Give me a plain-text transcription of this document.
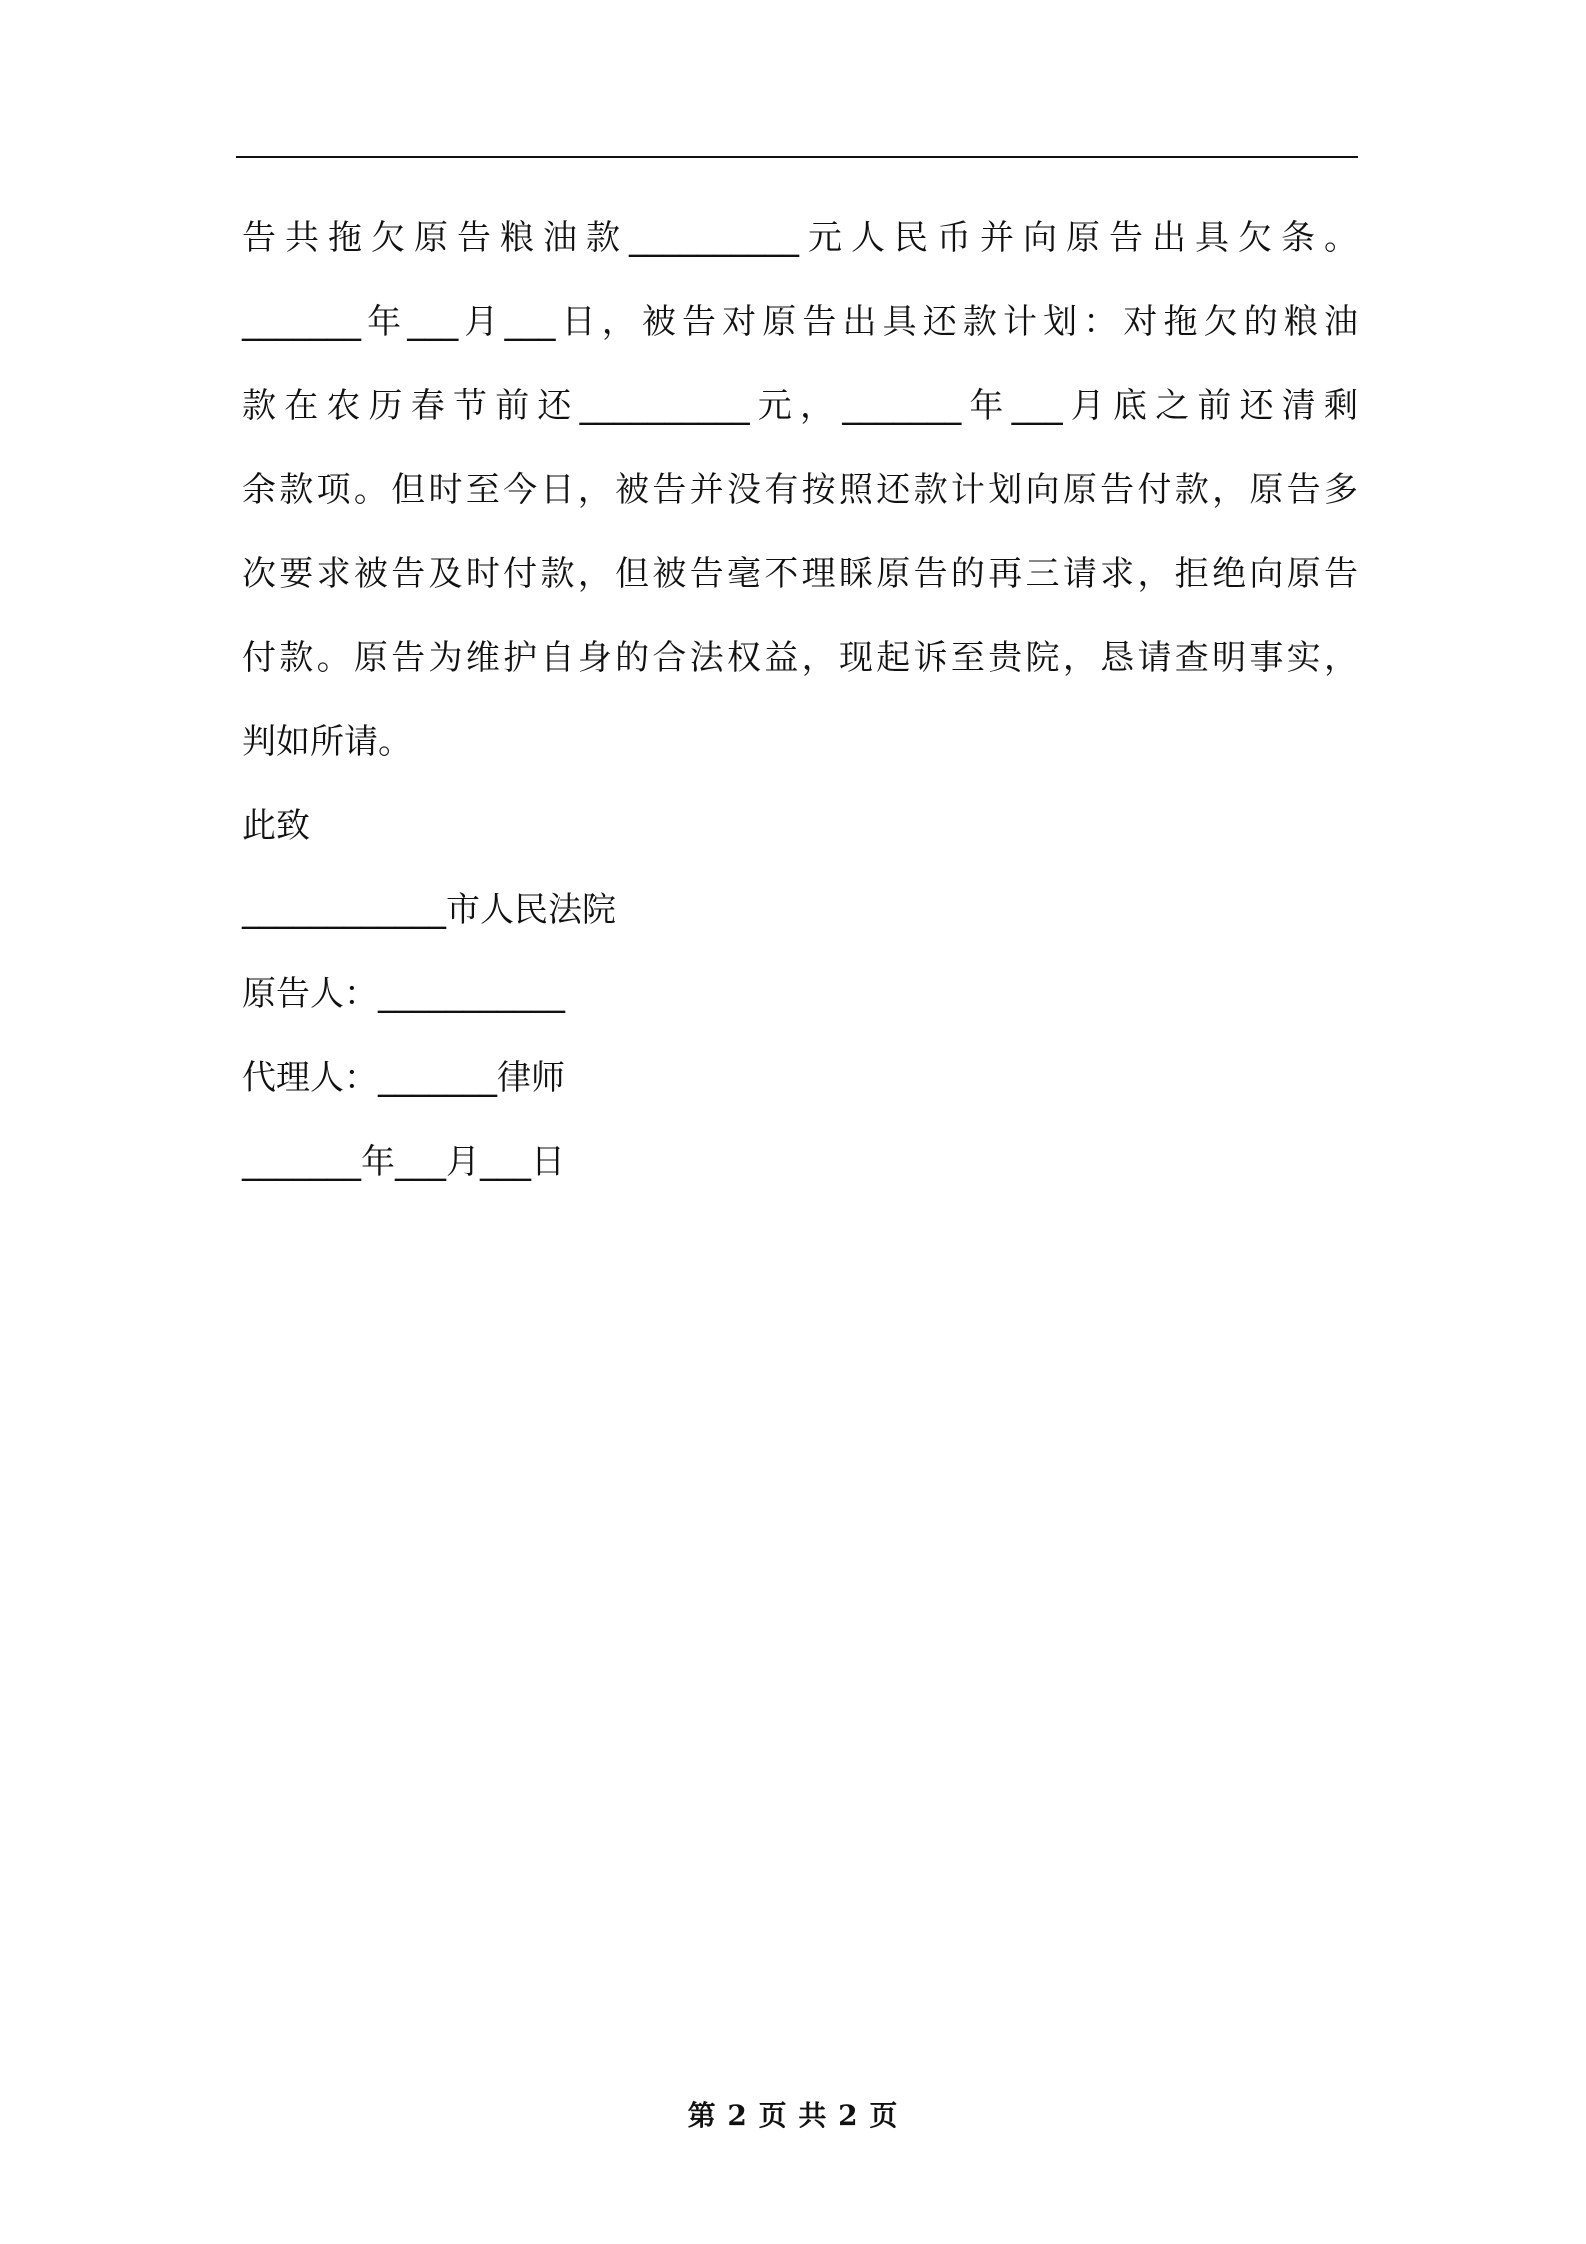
告共拖欠原告粮油款__________元人民币并向原告出具欠条。
_______年___月___日，被告对原告出具还款计划：对拖欠的粮油
款在农历春节前还__________元，_______年___月底之前还清剩
余款项。但时至今日，被告并没有按照还款计划向原告付款，原告多
次要求被告及时付款，但被告毫不理睬原告的再三请求，拒绝向原告
付款。原告为维护自身的合法权益，现起诉至贵院，恳请查明事实，
判如所请。
此致
____________市人民法院
原告人：___________
代理人：_______律师
_______年___月___日
第 2 页 共 2 页
